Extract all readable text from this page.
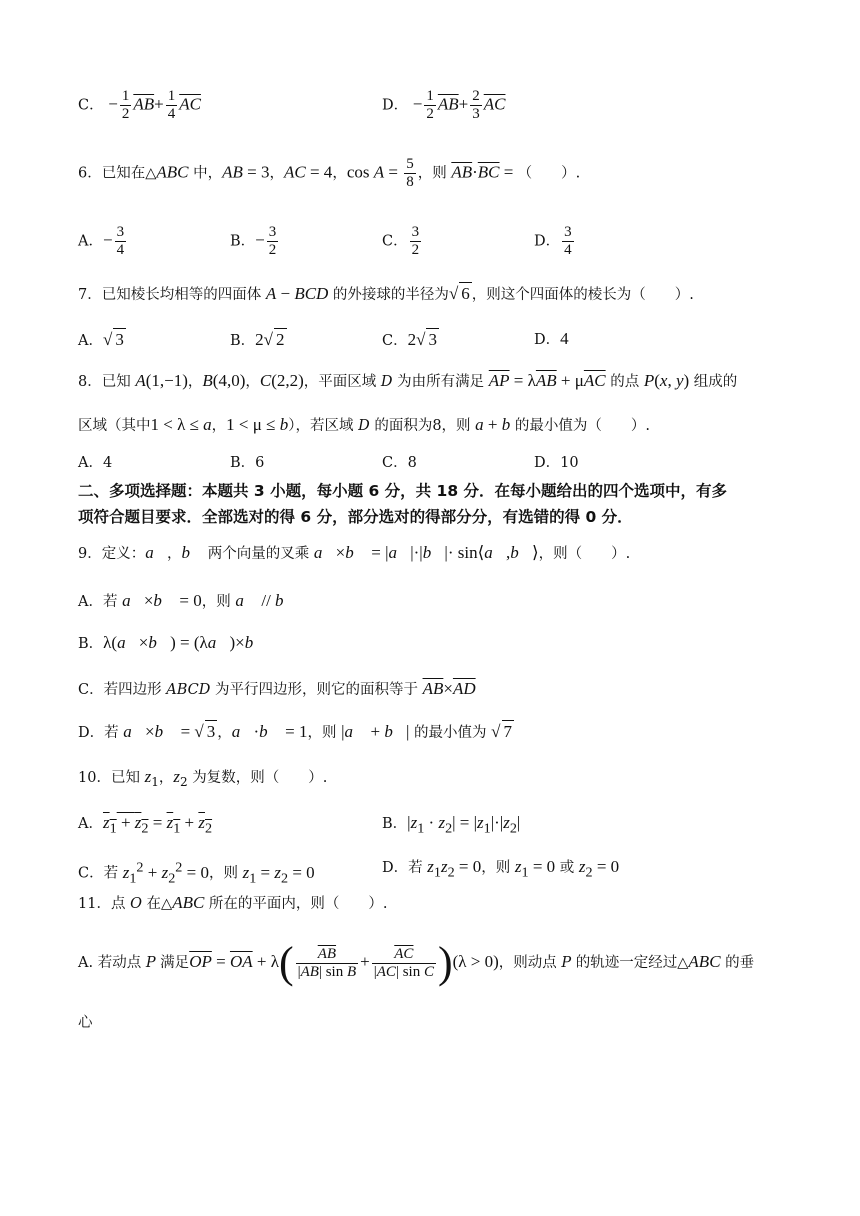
C． − $\frac{1}{2} \overline{AB}+ \frac{1}{4} \overline{AC}$	D． − $\frac{1}{2} \overline{AB}+ \frac{2}{3} \overline{AC}$
6．已知在△ABC 中，AB = 3，AC = 4，$\cos A = \frac{5}{8}$ ，则 $\overline{AB}\cdot\overline{BC}$ = （　　）.
A．− $\frac{3}{4}$	B．− $\frac{3}{2}$	C． $\frac{3}{2}$	D． $\frac{3}{4}$
7．已知棱长均相等的四面体 A − BCD 的外接球的半径为√ 6 ，则这个四面体的棱长为（　　）.
A．√ 3	B．2√ 2	C．2√ 3	D．4
8．已知 A(1,−1)，B(4,0)，C(2,2)，平面区域 D 为由所有满足 $\overline{AP} = \lambda\overline{AB} + \mu\overline{AC}$ 的点 P(x, y) 组成的
区域（其中1 < λ ≤ a，1 < μ ≤ b），若区域 D 的面积为8，则 a + b 的最小值为（　　）.
A．4	B．6	C．8	D．10
二、多项选择题：本题共 3 小题，每小题 6 分，共 18 分．在每小题给出的四个选项中，有多
项符合题目要求．全部选对的得 6 分，部分选对的得部分分，有选错的得 0 分．
9．定义：a⃗，b⃗ 两个向量的叉乘 a⃗×b⃗ = |a⃗|·|b⃗|· sin⟨a⃗,b⃗⟩，则（　　）.
A．若 a⃗×b⃗ = 0，则 a⃗ // b⃗
B．λ(a⃗×b⃗) = (λa⃗)×b⃗
C．若四边形 ABCD 为平行四边形，则它的面积等于 $\overline{AB}\times\overline{AD}$
D．若 a⃗×b⃗ = √ 3 ，a⃗·b⃗ = 1，则 |a⃗ + b⃗| 的最小值为 √ 7
10．已知 $z_1$，$z_2$ 为复数，则（　　）.
A．$z_1 + z_2 = z_1 + z_2$	B．$|z_1 \cdot z_2| = |z_1|\cdot|z_2|$
C．若 $z_1^2 + z_2^2 = 0$，则 $z_1 = z_2 = 0$	D．若 $z_1z_2 = 0$，则 $z_1 = 0$ 或 $z_2 = 0$
11．点 O 在△ABC 所在的平面内，则（　　）.
A. 若动点 P 满足$\overline{OP} = \overline{OA} + \lambda( \frac{\overline{AB}}{|\overline{AB}| \sin B} + \frac{\overline{AC}}{|\overline{AC}| \sin C} )(\lambda > 0)$，则动点 P 的轨迹一定经过△ABC 的垂
心
